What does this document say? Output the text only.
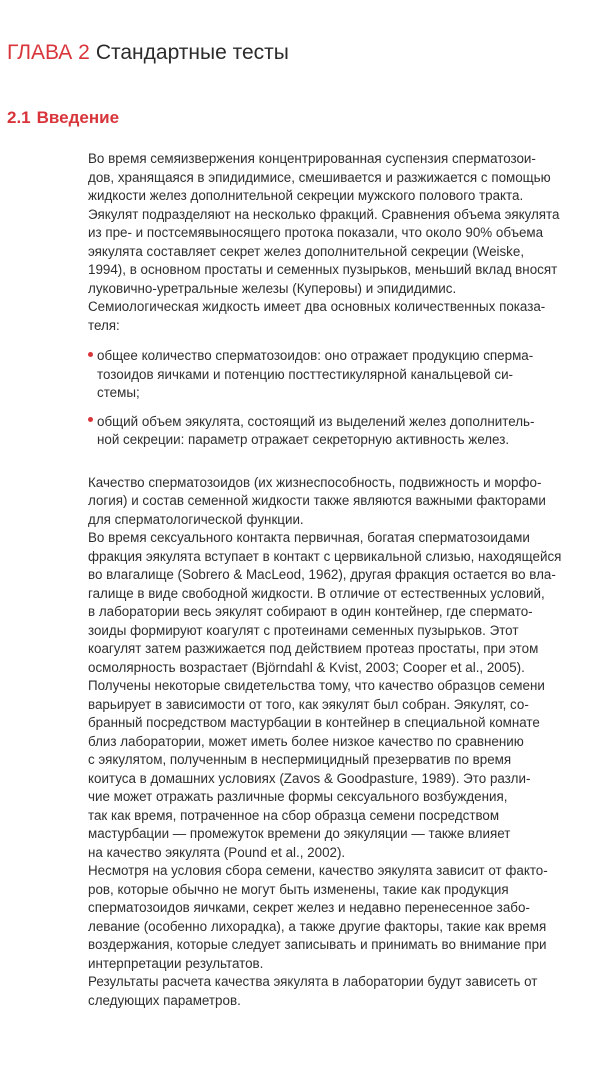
ГЛАВА 2 Стандартные тесты
2.1 Введение
Во время семяизвержения концентрированная суспензия сперматозои-
дов, хранящаяся в эпидидимисе, смешивается и разжижается с помощью
жидкости желез дополнительной секреции мужского полового тракта.
Эякулят подразделяют на несколько фракций. Сравнения объема эякулята
из пре- и постсемявыносящего протока показали, что около 90% объема
эякулята составляет секрет желез дополнительной секреции (Weiske,
1994), в основном простаты и семенных пузырьков, меньший вклад вносят
луковично-уретральные железы (Куперовы) и эпидидимис.
Семиологическая жидкость имеет два основных количественных показа-
теля:
общее количество сперматозоидов: оно отражает продукцию сперма-
тозоидов яичками и потенцию посттестикулярной канальцевой си-
стемы;
общий объем эякулята, состоящий из выделений желез дополнитель-
ной секреции: параметр отражает секреторную активность желез.
Качество сперматозоидов (их жизнеспособность, подвижность и морфо-
логия) и состав семенной жидкости также являются важными факторами
для сперматологической функции.
Во время сексуального контакта первичная, богатая сперматозоидами
фракция эякулята вступает в контакт с цервикальной слизью, находящейся
во влагалище (Sobrero & MacLeod, 1962), другая фракция остается во вла-
галище в виде свободной жидкости. В отличие от естественных условий,
в лаборатории весь эякулят собирают в один контейнер, где спермато-
зоиды формируют коагулят с протеинами семенных пузырьков. Этот
коагулят затем разжижается под действием протеаз простаты, при этом
осмолярность возрастает (Björndahl & Kvist, 2003; Cooper et al., 2005).
Получены некоторые свидетельства тому, что качество образцов семени
варьирует в зависимости от того, как эякулят был собран. Эякулят, со-
бранный посредством мастурбации в контейнер в специальной комнате
близ лаборатории, может иметь более низкое качество по сравнению
с эякулятом, полученным в неспермицидный презерватив по время
коитуса в домашних условиях (Zavos & Goodpasture, 1989). Это разли-
чие может отражать различные формы сексуального возбуждения,
так как время, потраченное на сбор образца семени посредством
мастурбации — промежуток времени до эякуляции — также влияет
на качество эякулята (Pound et al., 2002).
Несмотря на условия сбора семени, качество эякулята зависит от факто-
ров, которые обычно не могут быть изменены, такие как продукция
сперматозоидов яичками, секрет желез и недавно перенесенное забо-
левание (особенно лихорадка), а также другие факторы, такие как время
воздержания, которые следует записывать и принимать во внимание при
интерпретации результатов.
Результаты расчета качества эякулята в лаборатории будут зависеть от
следующих параметров.
